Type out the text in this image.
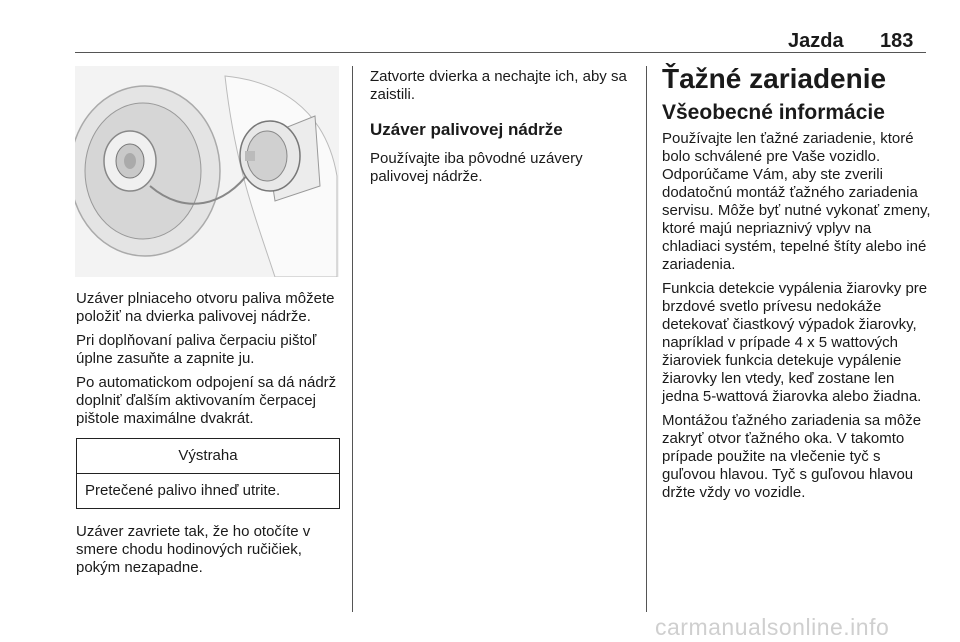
Jazda 183

Uzáver plniaceho otvoru paliva môžete položiť na dvierka palivovej nádrže.

Pri doplňovaní paliva čerpaciu pištoľ úplne zasuňte a zapnite ju.

Po automatickom odpojení sa dá nádrž doplniť ďalším aktivovaním čerpacej pištole maximálne dvakrát.

Výstraha
Pretečené palivo ihneď utrite.

Uzáver zavriete tak, že ho otočíte v smere chodu hodinových ručičiek, pokým nezapadne.

Zatvorte dvierka a nechajte ich, aby sa zaistili.

Uzáver palivovej nádrže

Používajte iba pôvodné uzávery palivovej nádrže.

Ťažné zariadenie
Všeobecné informácie

Používajte len ťažné zariadenie, ktoré bolo schválené pre Vaše vozidlo. Odporúčame Vám, aby ste zverili dodatočnú montáž ťažného zariadenia servisu. Môže byť nutné vykonať zmeny, ktoré majú nepriaznivý vplyv na chladiaci systém, tepelné štíty alebo iné zariadenia.

Funkcia detekcie vypálenia žiarovky pre brzdové svetlo prívesu nedokáže detekovať čiastkový výpadok žiarovky, napríklad v prípade 4 x 5 wattových žiaroviek funkcia detekuje vypálenie žiarovky len vtedy, keď zostane len jedna 5-wattová žiarovka alebo žiadna.

Montážou ťažného zariadenia sa môže zakryť otvor ťažného oka. V takomto prípade použite na vlečenie tyč s guľovou hlavou. Tyč s guľovou hlavou držte vždy vo vozidle.

carmanualsonline.info
